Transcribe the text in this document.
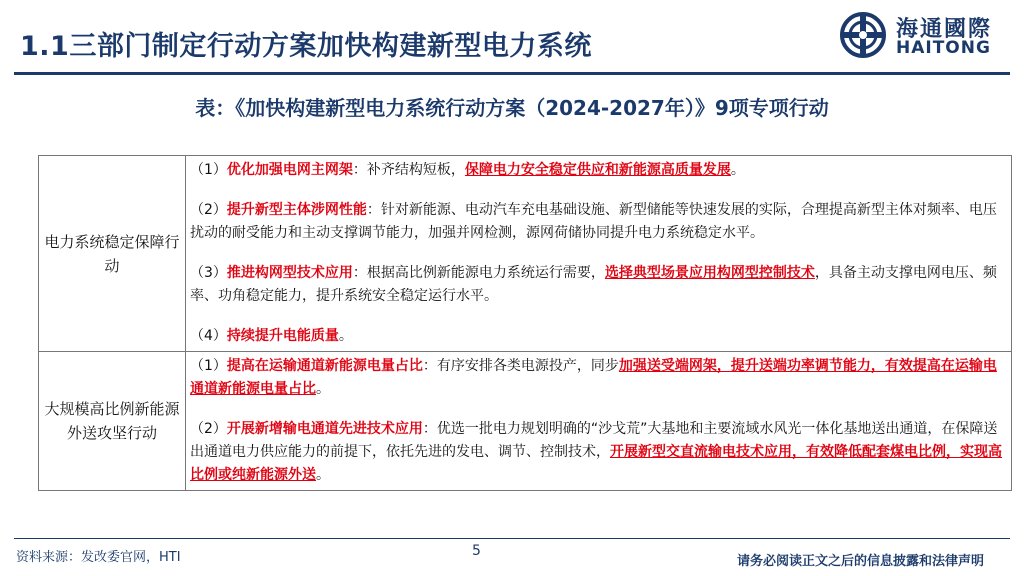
1.1三部门制定行动方案加快构建新型电力系统
海通國際
HAITONG
表：《加快构建新型电力系统行动方案（2024-2027年）》9项专项行动
电力系统稳定保障行动	（1）优化加强电网主网架：补齐结构短板，保障电力安全稳定供应和新能源高质量发展。

（2）提升新型主体涉网性能：针对新能源、电动汽车充电基础设施、新型储能等快速发展的实际，合理提高新型主体对频率、电压扰动的耐受能力和主动支撑调节能力，加强并网检测，源网荷储协同提升电力系统稳定水平。

（3）推进构网型技术应用：根据高比例新能源电力系统运行需要，选择典型场景应用构网型控制技术，具备主动支撑电网电压、频率、功角稳定能力，提升系统安全稳定运行水平。

（4）持续提升电能质量。

大规模高比例新能源外送攻坚行动	（1）提高在运输通道新能源电量占比：有序安排各类电源投产，同步加强送受端网架，提升送端功率调节能力，有效提高在运输电通道新能源电量占比。

（2）开展新增输电通道先进技术应用：优选一批电力规划明确的“沙戈荒”大基地和主要流域水风光一体化基地送出通道，在保障送出通道电力供应能力的前提下，依托先进的发电、调节、控制技术，开展新型交直流输电技术应用，有效降低配套煤电比例，实现高比例或纯新能源外送。

资料来源：发改委官网，HTI	5
请务必阅读正文之后的信息披露和法律声明
